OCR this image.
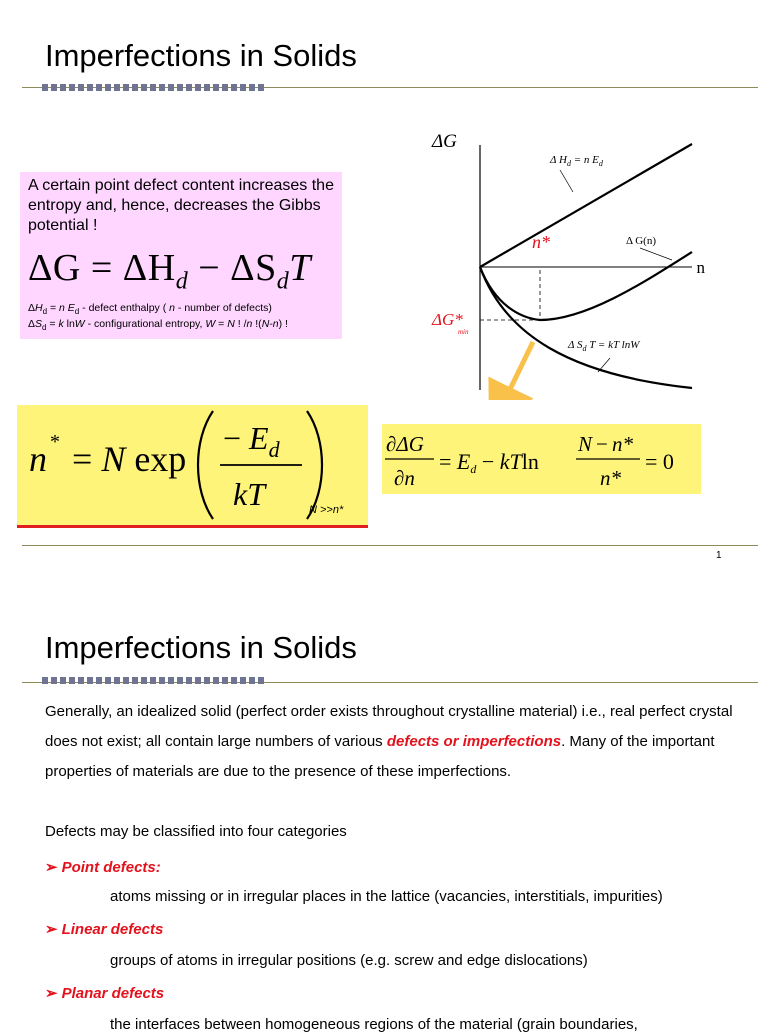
Imperfections in Solids

A certain point defect content increases the entropy and, hence, decreases the Gibbs potential !

$\Delta G = \Delta H_d - \Delta S_dT$

$\Delta H_d = n$ $E_d$ - defect enthalpy ( n - number of defects)

$\Delta S_d = k$ lnW - configurational entropy, W = N ! /n !(N-n) !

ΔG
n
Δ $H_d = n$ $E_d$
Δ G(n)
Δ $S_d$ T = kT lnW
n*
ΔG*
min
n * = N exp
− $E_d$
kT	N >>n*
∂ΔG
∂n
= Ed − kTln
N − n*
n*
= 0
1
Imperfections in Solids

Generally, an idealized solid (perfect order exists throughout crystalline material) i.e., real perfect crystal does not exist; all contain large numbers of various defects or imperfections. Many of the important properties of materials are due to the presence of these imperfections.

Defects may be classified into four categories

➢ Point defects:

atoms missing or in irregular places in the lattice (vacancies, interstitials, impurities)

➢ Linear defects

groups of atoms in irregular positions (e.g. screw and edge dislocations)

➢ Planar defects

the interfaces between homogeneous regions of the material (grain boundaries,
